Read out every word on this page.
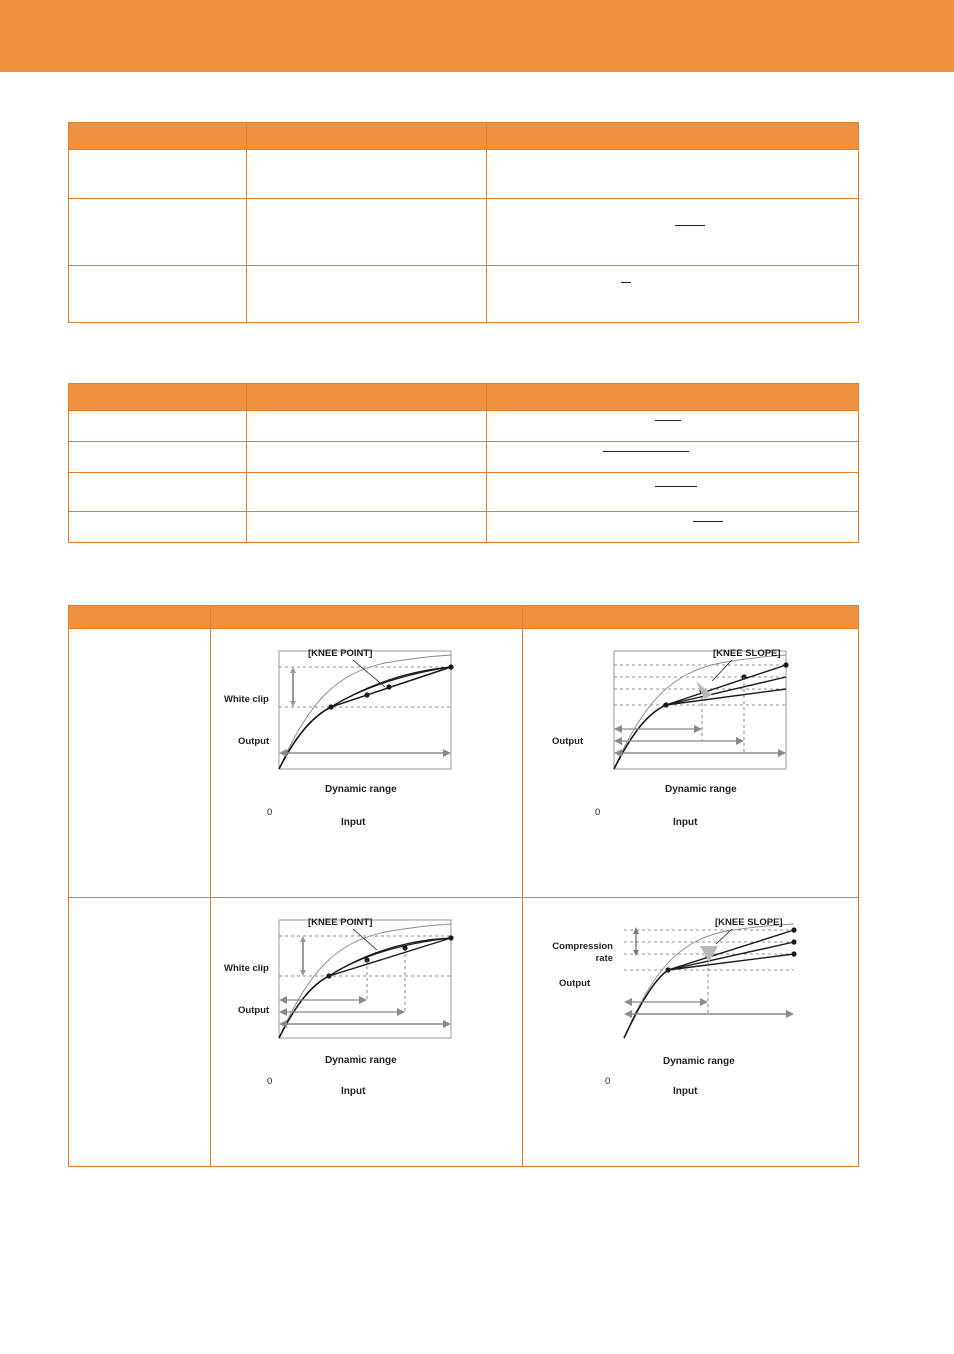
[KNEE POINT]
White clip
Output
Dynamic range
0
Input

[KNEE SLOPE]
Output
Dynamic range
0
Input

[KNEE POINT]
White clip
Output
Dynamic range
0
Input

[KNEE SLOPE]
Compression
rate
Output
Dynamic range
0
Input
